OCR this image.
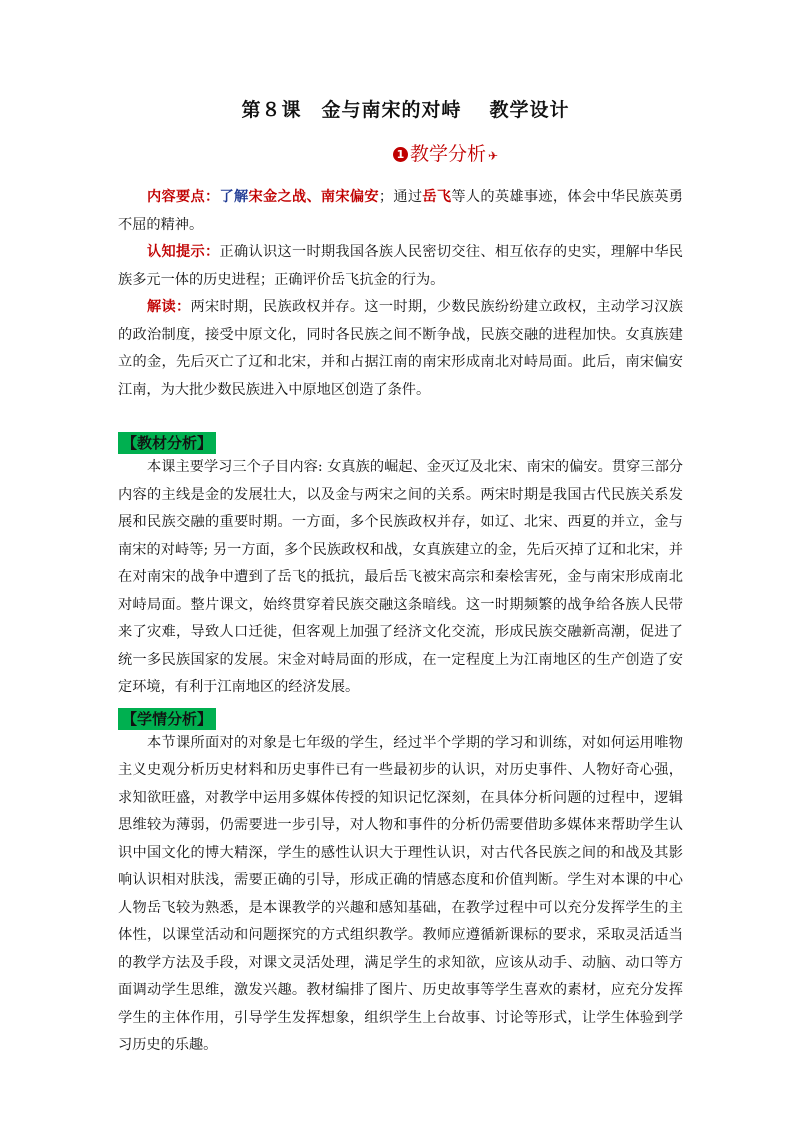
第８课　金与南宋的对峙 教学设计
1 教学分析 ✈

内容要点：了解宋金之战、南宋偏安；通过岳飞等人的英雄事迹，体会中华民族英勇不屈的精神。

认知提示：正确认识这一时期我国各族人民密切交往、相互依存的史实，理解中华民族多元一体的历史进程；正确评价岳飞抗金的行为。

解读：两宋时期，民族政权并存。这一时期，少数民族纷纷建立政权，主动学习汉族的政治制度，接受中原文化，同时各民族之间不断争战，民族交融的进程加快。女真族建立的金，先后灭亡了辽和北宋，并和占据江南的南宋形成南北对峙局面。此后，南宋偏安江南，为大批少数民族进入中原地区创造了条件。

【教材分析】

本课主要学习三个子目内容: 女真族的崛起、金灭辽及北宋、南宋的偏安。贯穿三部分内容的主线是金的发展壮大，以及金与两宋之间的关系。两宋时期是我国古代民族关系发展和民族交融的重要时期。一方面，多个民族政权并存，如辽、北宋、西夏的并立，金与南宋的对峙等; 另一方面，多个民族政权和战，女真族建立的金，先后灭掉了辽和北宋，并在对南宋的战争中遭到了岳飞的抵抗，最后岳飞被宋高宗和秦桧害死，金与南宋形成南北对峙局面。整片课文，始终贯穿着民族交融这条暗线。这一时期频繁的战争给各族人民带来了灾难，导致人口迁徙，但客观上加强了经济文化交流，形成民族交融新高潮，促进了统一多民族国家的发展。宋金对峙局面的形成，在一定程度上为江南地区的生产创造了安定环境，有利于江南地区的经济发展。

【学情分析】

本节课所面对的对象是七年级的学生，经过半个学期的学习和训练，对如何运用唯物主义史观分析历史材料和历史事件已有一些最初步的认识，对历史事件、人物好奇心强，求知欲旺盛，对教学中运用多媒体传授的知识记忆深刻，在具体分析问题的过程中，逻辑思维较为薄弱，仍需要进一步引导，对人物和事件的分析仍需要借助多媒体来帮助学生认识中国文化的博大精深，学生的感性认识大于理性认识，对古代各民族之间的和战及其影响认识相对肤浅，需要正确的引导，形成正确的情感态度和价值判断。学生对本课的中心人物岳飞较为熟悉，是本课教学的兴趣和感知基础，在教学过程中可以充分发挥学生的主体性，以课堂活动和问题探究的方式组织教学。教师应遵循新课标的要求，采取灵活适当的教学方法及手段，对课文灵活处理，满足学生的求知欲，应该从动手、动脑、动口等方面调动学生思维，激发兴趣。教材编排了图片、历史故事等学生喜欢的素材，应充分发挥学生的主体作用，引导学生发挥想象，组织学生上台故事、讨论等形式，让学生体验到学习历史的乐趣。
